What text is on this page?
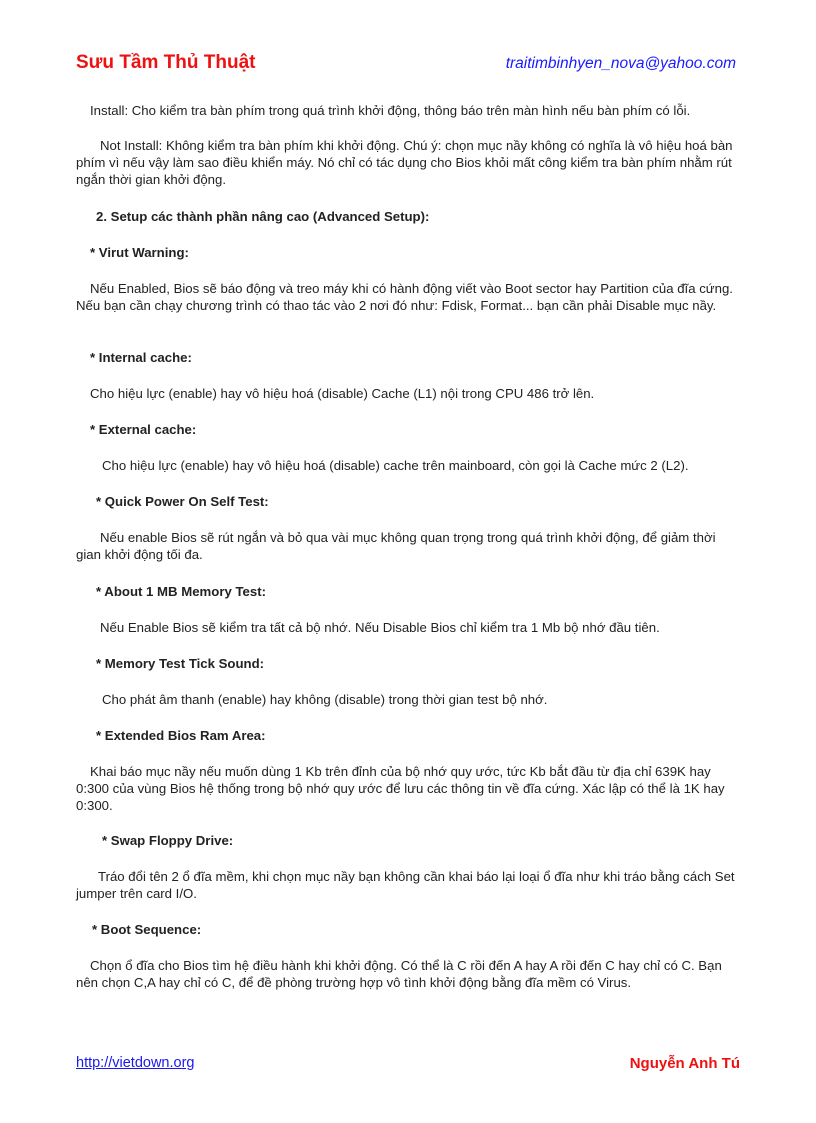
Sưu Tầm Thủ Thuật	traitimbinhyen_nova@yahoo.com
Install: Cho kiểm tra bàn phím trong quá trình khởi động, thông báo trên màn hình nếu bàn phím có lỗi.
Not Install: Không kiểm tra bàn phím khi khởi động. Chú ý: chọn mục nầy không có nghĩa là vô hiệu hoá bàn phím vì nếu vậy làm sao điều khiển máy. Nó chỉ có tác dụng cho Bios khỏi mất công kiểm tra bàn phím nhằm rút ngắn thời gian khởi động.
2. Setup các thành phần nâng cao (Advanced Setup):
* Virut Warning:
Nếu Enabled, Bios sẽ báo động và treo máy khi có hành động viết vào Boot sector hay Partition của đĩa cứng. Nếu bạn cần chạy chương trình có thao tác vào 2 nơi đó như: Fdisk, Format... bạn cần phải Disable mục nầy.
* Internal cache:
Cho hiệu lực (enable) hay vô hiệu hoá (disable) Cache (L1) nội trong CPU 486 trở lên.
* External cache:
Cho hiệu lực (enable) hay vô hiệu hoá (disable) cache trên mainboard, còn gọi là Cache mức 2 (L2).
* Quick Power On Self Test:
Nếu enable Bios sẽ rút ngắn và bỏ qua vài mục không quan trọng trong quá trình khởi động, để giảm thời gian khởi động tối đa.
* About 1 MB Memory Test:
Nếu Enable Bios sẽ kiểm tra tất cả bộ nhớ. Nếu Disable Bios chỉ kiểm tra 1 Mb bộ nhớ đầu tiên.
* Memory Test Tick Sound:
Cho phát âm thanh (enable) hay không (disable) trong thời gian test bộ nhớ.
* Extended Bios Ram Area:
Khai báo mục nầy nếu muốn dùng 1 Kb trên đỉnh của bộ nhớ quy ước, tức Kb bắt đầu từ địa chỉ 639K hay 0:300 của vùng Bios hệ thống trong bộ nhớ quy ước để lưu các thông tin về đĩa cứng. Xác lập có thể là 1K hay 0:300.
* Swap Floppy Drive:
Tráo đổi tên 2 ổ đĩa mềm, khi chọn mục nầy bạn không cần khai báo lại loại ổ đĩa như khi tráo bằng cách Set jumper trên card I/O.
* Boot Sequence:
Chọn ổ đĩa cho Bios tìm hệ điều hành khi khởi động. Có thể là C rồi đến A hay A rồi đến C hay chỉ có C. Bạn nên chọn C,A hay chỉ có C, để đề phòng trường hợp vô tình khởi động bằng đĩa mềm có Virus.
http://vietdown.org	Nguyễn Anh Tú
